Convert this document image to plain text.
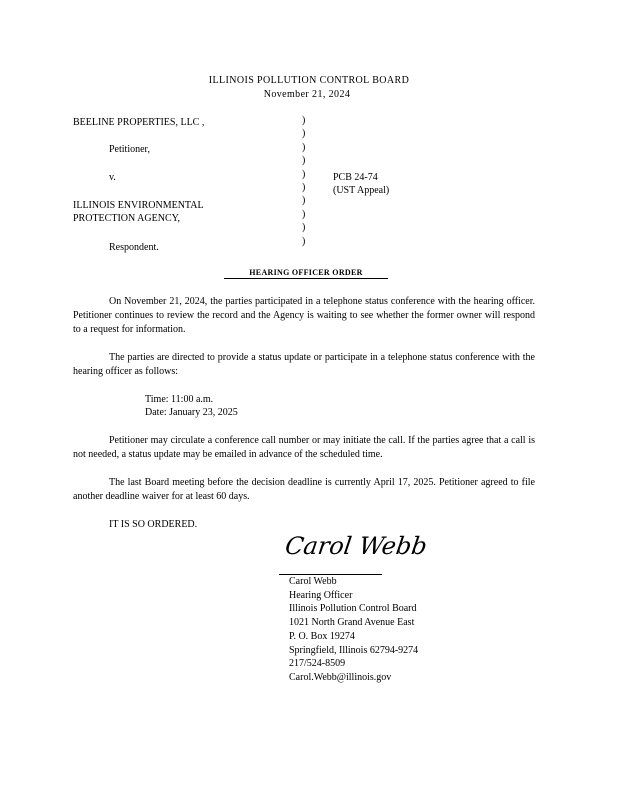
ILLINOIS POLLUTION CONTROL BOARD
November 21, 2024
BEELINE PROPERTIES, LLC ,
Petitioner,
v.
ILLINOIS ENVIRONMENTAL
PROTECTION AGENCY,
Respondent.
)
)
)
)
)
)
)
)
)
)
PCB 24-74
(UST Appeal)
HEARING OFFICER ORDER
On November 21, 2024, the parties participated in a telephone status conference with the hearing officer. Petitioner continues to review the record and the Agency is waiting to see whether the former owner will respond to a request for information.
The parties are directed to provide a status update or participate in a telephone status conference with the hearing officer as follows:
Time: 11:00 a.m.
Date: January 23, 2025
Petitioner may circulate a conference call number or may initiate the call. If the parties agree that a call is not needed, a status update may be emailed in advance of the scheduled time.
The last Board meeting before the decision deadline is currently April 17, 2025. Petitioner agreed to file another deadline waiver for at least 60 days.
IT IS SO ORDERED.
Carol Webb
Carol Webb
Hearing Officer
Illinois Pollution Control Board
1021 North Grand Avenue East
P. O. Box 19274
Springfield, Illinois 62794-9274
217/524-8509
Carol.Webb@illinois.gov
